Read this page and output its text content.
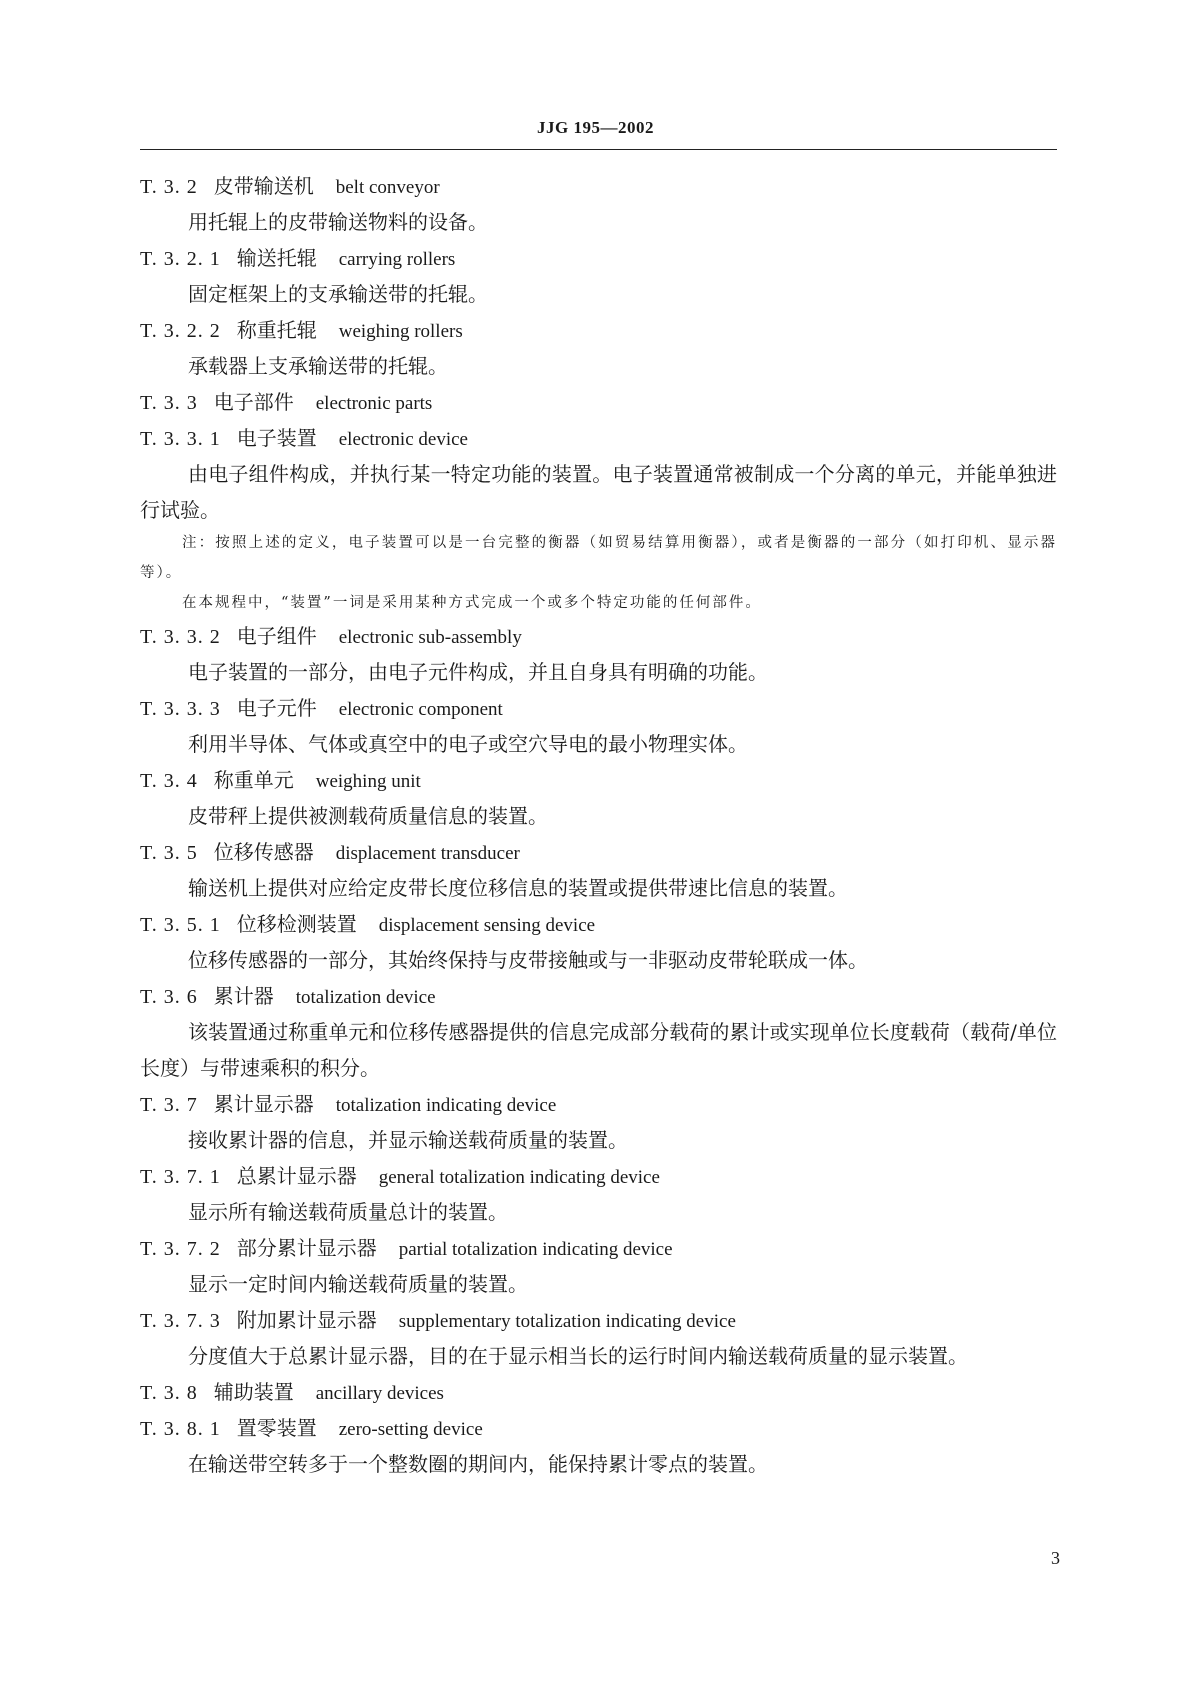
JJG 195—2002
T. 3. 2 皮带输送机 belt conveyor
用托辊上的皮带输送物料的设备。
T. 3. 2. 1 输送托辊 carrying rollers
固定框架上的支承输送带的托辊。
T. 3. 2. 2 称重托辊 weighing rollers
承载器上支承输送带的托辊。
T. 3. 3 电子部件 electronic parts
T. 3. 3. 1 电子装置 electronic device
由电子组件构成，并执行某一特定功能的装置。电子装置通常被制成一个分离的单元，并能单独进行试验。
注：按照上述的定义，电子装置可以是一台完整的衡器（如贸易结算用衡器），或者是衡器的一部分（如打印机、显示器等）。
在本规程中，“装置”一词是采用某种方式完成一个或多个特定功能的任何部件。
T. 3. 3. 2 电子组件 electronic sub-assembly
电子装置的一部分，由电子元件构成，并且自身具有明确的功能。
T. 3. 3. 3 电子元件 electronic component
利用半导体、气体或真空中的电子或空穴导电的最小物理实体。
T. 3. 4 称重单元 weighing unit
皮带秤上提供被测载荷质量信息的装置。
T. 3. 5 位移传感器 displacement transducer
输送机上提供对应给定皮带长度位移信息的装置或提供带速比信息的装置。
T. 3. 5. 1 位移检测装置 displacement sensing device
位移传感器的一部分，其始终保持与皮带接触或与一非驱动皮带轮联成一体。
T. 3. 6 累计器 totalization device
该装置通过称重单元和位移传感器提供的信息完成部分载荷的累计或实现单位长度载荷（载荷/单位长度）与带速乘积的积分。
T. 3. 7 累计显示器 totalization indicating device
接收累计器的信息，并显示输送载荷质量的装置。
T. 3. 7. 1 总累计显示器 general totalization indicating device
显示所有输送载荷质量总计的装置。
T. 3. 7. 2 部分累计显示器 partial totalization indicating device
显示一定时间内输送载荷质量的装置。
T. 3. 7. 3 附加累计显示器 supplementary totalization indicating device
分度值大于总累计显示器，目的在于显示相当长的运行时间内输送载荷质量的显示装置。
T. 3. 8 辅助装置 ancillary devices
T. 3. 8. 1 置零装置 zero-setting device
在输送带空转多于一个整数圈的期间内，能保持累计零点的装置。
3
